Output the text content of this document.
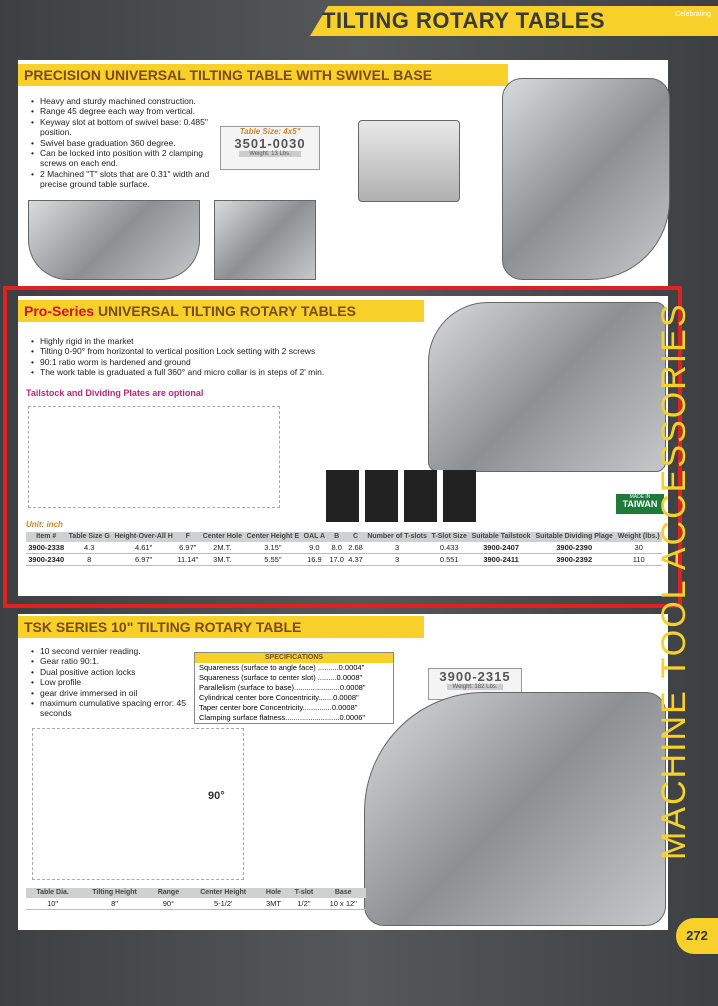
TILTING ROTARY TABLES	Celebrating
2022
PRECISION UNIVERSAL TILTING TABLE WITH SWIVEL BASE
• Heavy and sturdy machined construction.
• Range 45 degree each way from vertical.
• Keyway slot at bottom of swivel base: 0.485" position.
• Swivel base graduation 360 degree.
• Can be locked into position with 2 clamping screws on each end.
• 2 Machined "T" slots that are 0.31" width and precise ground table surface.
Table Size: 4x5"
3501-0030
Weight: 13 Lbs.
Pro-Series UNIVERSAL TILTING ROTARY TABLES
• Highly rigid in the market
• Tilting 0-90° from horizontal to vertical position Lock setting with 2 screws
• 90:1 ratio worm is hardened and ground
• The work table is graduated a full 360° and micro collar is in steps of 2' min.
Tailstock and Dividing Plates are optional
Unit: inch
Item #	Table Size G	Height-Over-All H	F	Center Hole	Center Height E	OAL A	B	C	Number of T-slots	T-Slot Size	Suitable Tailstock	Suitable Dividing Plage	Weight (lbs.)
3900-2338	4.3	4.61"	6.97"	2M.T.	3.15"	9.0	8.0	2.68	3	0.433	3900-2407	3900-2390	30
3900-2340	8	6.97"	11.14"	3M.T.	5.55"	16.9	17.0	4.37	3	0.551	3900-2411	3900-2392	110
MADE IN
TAIWAN
TSK SERIES 10" TILTING ROTARY TABLE
• 10 second vernier reading.
• Gear ratio 90:1.
• Dual positive action locks
• Low profile
• gear drive immersed in oil
• maximum cumulative spacing error: 45 seconds
3900-2315
Weight: 182 Lbs.
90°
Table Dia.	Tilting Height	Range	Center Height	Hole	T-slot	Base
10"	8"	90°	5-1/2'	3MT	1/2"	10 x 12"
SPECIFICATIONS
Squareness (surface to angle face) ..........0.0004"
Squareness (surface to center slot) .........0.0008"
Parallelism (surface to base)......................0.0008"
Cylindrical center bore Concentricity.......0.0008"
Taper center bore Concentricity..............0.0008"
Clamping surface flatness..........................0.0006"	MACHINE TOOL ACCESSORIES
272
